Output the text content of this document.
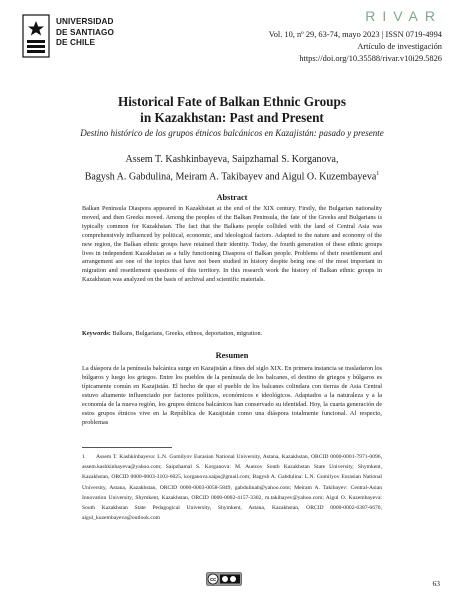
UNIVERSIDAD
DE SANTIAGO
DE CHILE
RIVAR
Vol. 10, nº 29, 63-74, mayo 2023 | ISSN 0719-4994
Artículo de investigación
https://doi.org/10.35588/rivar.v10i29.5826
Historical Fate of Balkan Ethnic Groups
in Kazakhstan: Past and Present
Destino histórico de los grupos étnicos balcánicos en Kazajistán: pasado y presente
Assem T. Kashkinbayeva, Saipzhamal S. Korganova,
Bagysh A. Gabdulina, Meiram A. Takibayev and Aigul O. Kuzembayeva$^1$
Abstract
Balkan Peninsula Diaspora appeared in Kazakhstan at the end of the XIX century. Firstly, the Bulgarian nationality moved, and then Greeks moved. Among the peoples of the Balkan Peninsula, the fate of the Greeks and Bulgarians is typically common for Kazakhstan. The fact that the Balkans people collided with the land of Central Asia was comprehensively influenced by political, economic, and ideological factors. Adapted to the nature and economy of the new region, the Balkan ethnic groups have retained their identity. Today, the fourth generation of these ethnic groups lives in independent Kazakhstan as a fully functioning Diaspora of Balkan people. Problems of their resettlement and arrangement are one of the topics that have not been studied in history despite being one of the most important in migration and resettlement questions of this territory. In this research work the history of Balkan ethnic groups in Kazakhstan was analyzed on the basis of archival and scientific materials.
Keywords: Balkans, Bulgarians, Greeks, ethnos, deportation, migration.
Resumen
La diáspora de la península balcánica surge en Kazajistán a fines del siglo XIX. En primera instancia se trasladaron los búlgaros y luego los griegos. Entre los pueblos de la península de los balcanes, el destino de griegos y búlgaros es típicamente común en Kazajistán. El hecho de que el pueblo de los balcanes colindara con tierras de Asia Central estuvo altamente influenciado por factores políticos, económicos e ideológicos. Adaptados a la naturaleza y a la economía de la nueva región, los grupos étnicos balcánicos han conservado su identidad. Hoy, la cuarta generación de estos grupos étnicos vive en la República de Kazajistán como una diáspora totalmente funcional. Al respecto, problemas
1 Assem T. Kashkinbayeva: L.N. Gumilyov Eurasian National University, Astana, Kazakhstan, ORCID 0000-0001-7971-0096, assem.kashkinbayeva@yahoo.com; Saipzhamal S. Korganova: M. Auezov South Kazakhstan State University, Shymkent, Kazakhstan, ORCID 0000-0003-3103-6025, korganova.saips@gmail.com; Bagysh A. Gabdulina: L.N. Gumilyov Eurasian National University, Astana, Kazakhstan, ORCID 0000-0003-0058-5849, gabdulinab@yahoo.com; Meiram A. Takibayev: Central-Asian Innovation University, Shymkent, Kazakhstan, ORCID 0000-0002-4157-3302, m.takibayev@yahoo.com; Aigul O. Kuzembayeva: South Kazakhstan State Pedagogical University, Shymkent, Astana, Kazakhstan, ORCID 0000-0002-6387-6670, aigul_kuzembayeva@outlook.com
cc	63
